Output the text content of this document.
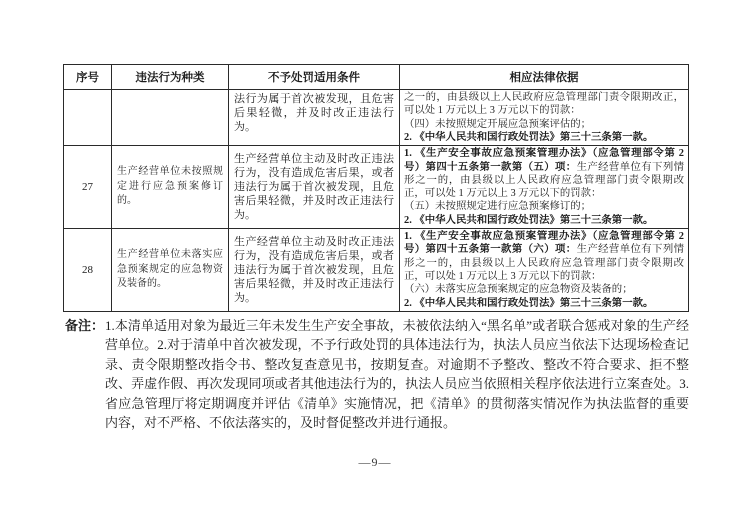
序号	违法行为种类	不予处罚适用条件	相应法律依据
		法行为属于首次被发现，且危害后果轻微，并及时改正违法行为。	之一的，由县级以上人民政府应急管理部门责令限期改正，可以处 1 万元以上 3 万元以下的罚款：

（四）未按照规定开展应急预案评估的；

2. 《中华人民共和国行政处罚法》第三十三条第一款。

27	生产经营单位未按照规定进行应急预案修订的。	生产经营单位主动及时改正违法行为，没有造成危害后果，或者违法行为属于首次被发现，且危害后果轻微，并及时改正违法行为。	1. 《生产安全事故应急预案管理办法》（应急管理部令第 2 号）第四十五条第一款第（五）项：生产经营单位有下列情形之一的，由县级以上人民政府应急管理部门责令限期改正，可以处 1 万元以上 3 万元以下的罚款：

（五）未按照规定进行应急预案修订的；

2. 《中华人民共和国行政处罚法》第三十三条第一款。

28	生产经营单位未落实应急预案规定的应急物资及装备的。	生产经营单位主动及时改正违法行为，没有造成危害后果，或者违法行为属于首次被发现，且危害后果轻微，并及时改正违法行为。	1. 《生产安全事故应急预案管理办法》（应急管理部令第 2 号）第四十五条第一款第（六）项：生产经营单位有下列情形之一的，由县级以上人民政府应急管理部门责令限期改正，可以处 1 万元以上 3 万元以下的罚款：

（六）未落实应急预案规定的应急物资及装备的；

2. 《中华人民共和国行政处罚法》第三十三条第一款。

备注： 1.本清单适用对象为最近三年未发生生产安全事故，未被依法纳入“黑名单”或者联合惩戒对象的生产经营单位。2.对于清单中首次被发现，不予行政处罚的具体违法行为，执法人员应当依法下达现场检查记录、责令限期整改指令书、整改复查意见书，按期复查。对逾期不予整改、整改不符合要求、拒不整改、弄虚作假、再次发现同项或者其他违法行为的，执法人员应当依照相关程序依法进行立案查处。3.省应急管理厅将定期调度并评估《清单》实施情况，把《清单》的贯彻落实情况作为执法监督的重要内容，对不严格、不依法落实的，及时督促整改并进行通报。
—9—
